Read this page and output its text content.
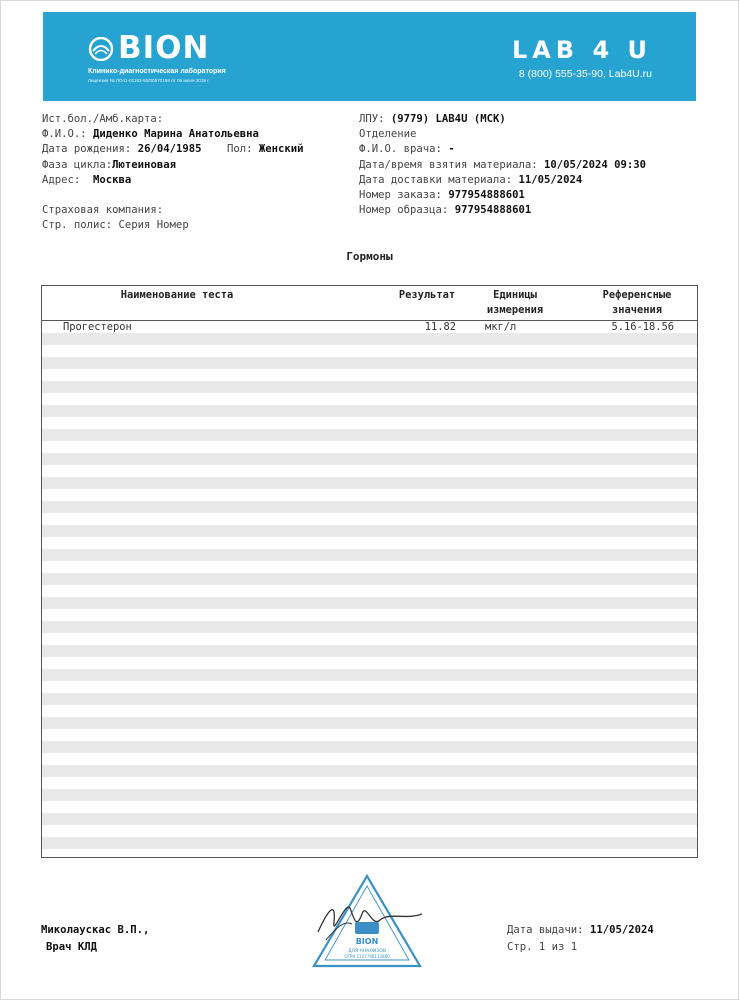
BION
Клинико-диагностическая лаборатория
Лицензия № ЛО41-01162-50/00570168 от 06 июня 2019 г.
LAB 4 U
8 (800) 555-35-90, Lab4U.ru
Ист.бол./Амб.карта:
Ф.И.О.: Диденко Марина Анатольевна
Дата рождения: 26/04/1985 Пол: Женский
Фаза цикла:Лютеиновая
Адрес: Москва
Страховая компания:
Стр. полис: Серия Номер
ЛПУ: (9779) LAB4U (МСК)
Отделение
Ф.И.О. врача: -
Дата/время взятия материала: 10/05/2024 09:30
Дата доставки материала: 11/05/2024
Номер заказа: 977954888601
Номер образца: 977954888601
Гормоны
Наименование теста	Результат	Единицы
измерения
Референсные
значения
Прогестерон	11.82	мкг/л	5.16-18.56
Миколаускас В.П.,
Врач КЛД	BION
ДЛЯ АНАЛИЗОВ
ОГРН 1107746112880
Дата выдачи: 11/05/2024
Стр. 1 из 1
